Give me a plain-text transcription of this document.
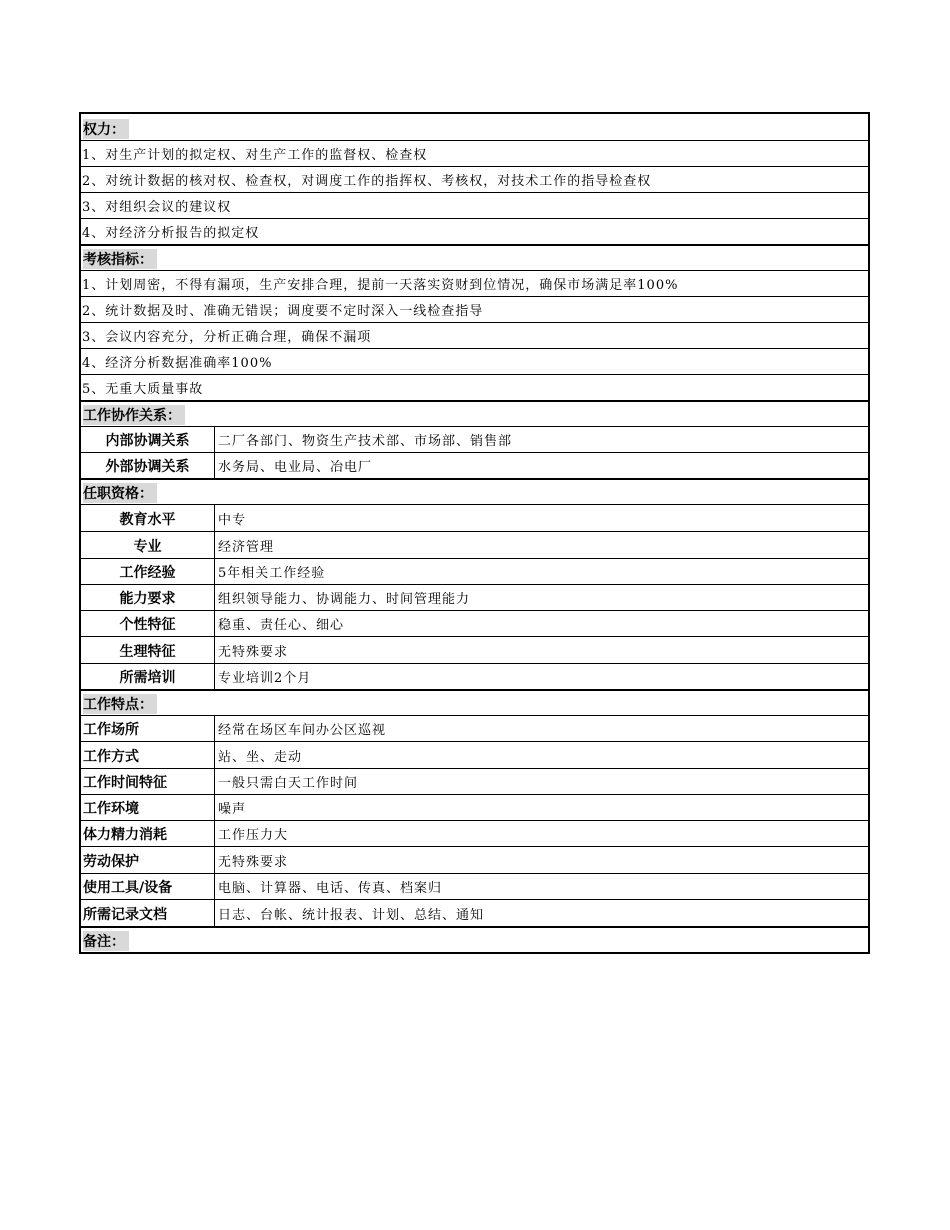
权力：
1、对生产计划的拟定权、对生产工作的监督权、检查权
2、对统计数据的核对权、检查权，对调度工作的指挥权、考核权，对技术工作的指导检查权
3、对组织会议的建议权
4、对经济分析报告的拟定权
考核指标：
1、计划周密，不得有漏项，生产安排合理，提前一天落实资财到位情况，确保市场满足率100%
2、统计数据及时、准确无错误；调度要不定时深入一线检查指导
3、会议内容充分，分析正确合理，确保不漏项
4、经济分析数据准确率100%
5、无重大质量事故
工作协作关系：
内部协调关系	二厂各部门、物资生产技术部、市场部、销售部
外部协调关系	水务局、电业局、冶电厂
任职资格：
教育水平	中专
专业	经济管理
工作经验	5年相关工作经验
能力要求	组织领导能力、协调能力、时间管理能力
个性特征	稳重、责任心、细心
生理特征	无特殊要求
所需培训	专业培训2个月
工作特点：
工作场所	经常在场区车间办公区巡视
工作方式	站、坐、走动
工作时间特征	一般只需白天工作时间
工作环境	噪声
体力精力消耗	工作压力大
劳动保护	无特殊要求
使用工具/设备	电脑、计算器、电话、传真、档案归
所需记录文档	日志、台帐、统计报表、计划、总结、通知
备注：
